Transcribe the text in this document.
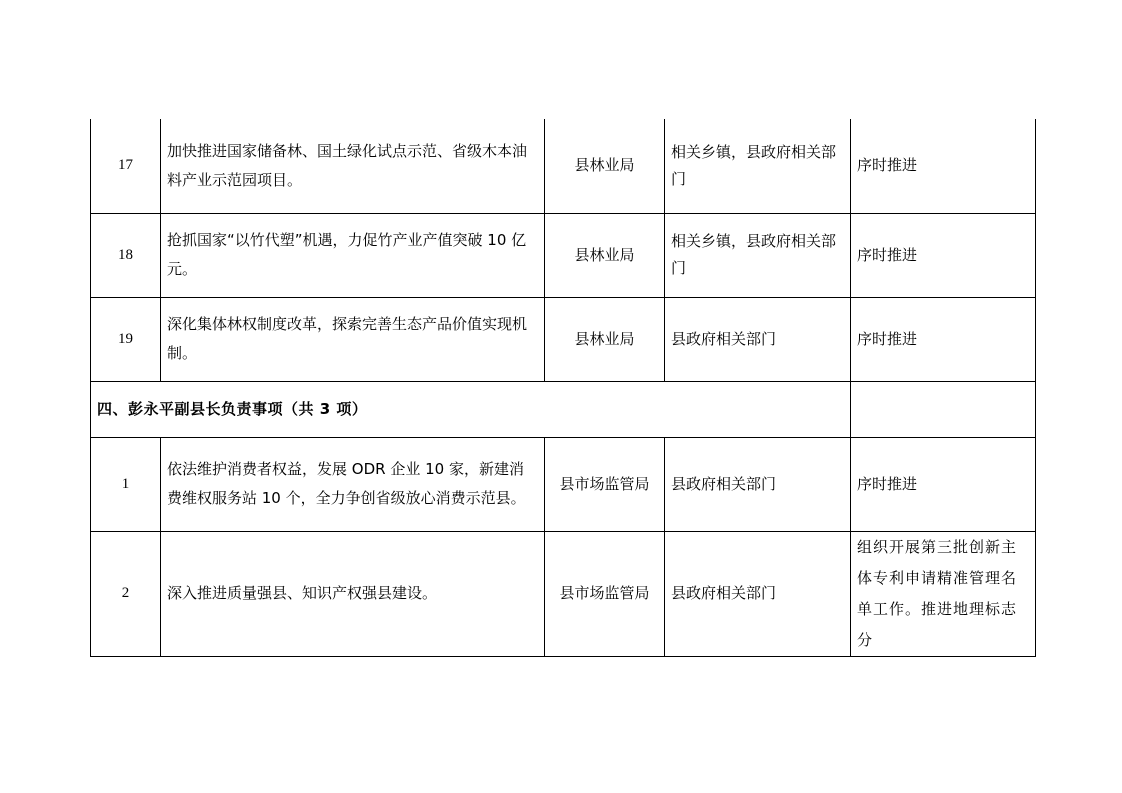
17	加快推进国家储备林、国土绿化试点示范、省级木本油料产业示范园项目。	县林业局	相关乡镇，县政府相关部门	序时推进

18	抢抓国家“以竹代塑”机遇，力促竹产业产值突破 10 亿元。	县林业局	相关乡镇，县政府相关部门	序时推进

19	深化集体林权制度改革，探索完善生态产品价值实现机制。	县林业局	县政府相关部门	序时推进

四、彭永平副县长负责事项（共 3 项）				
1	依法维护消费者权益，发展 ODR 企业 10 家，新建消费维权服务站 10 个，全力争创省级放心消费示范县。	县市场监管局	县政府相关部门	序时推进

2	深入推进质量强县、知识产权强县建设。	县市场监管局	县政府相关部门	组织开展第三批创新主体专利申请精准管理名单工作。推进地理标志分
